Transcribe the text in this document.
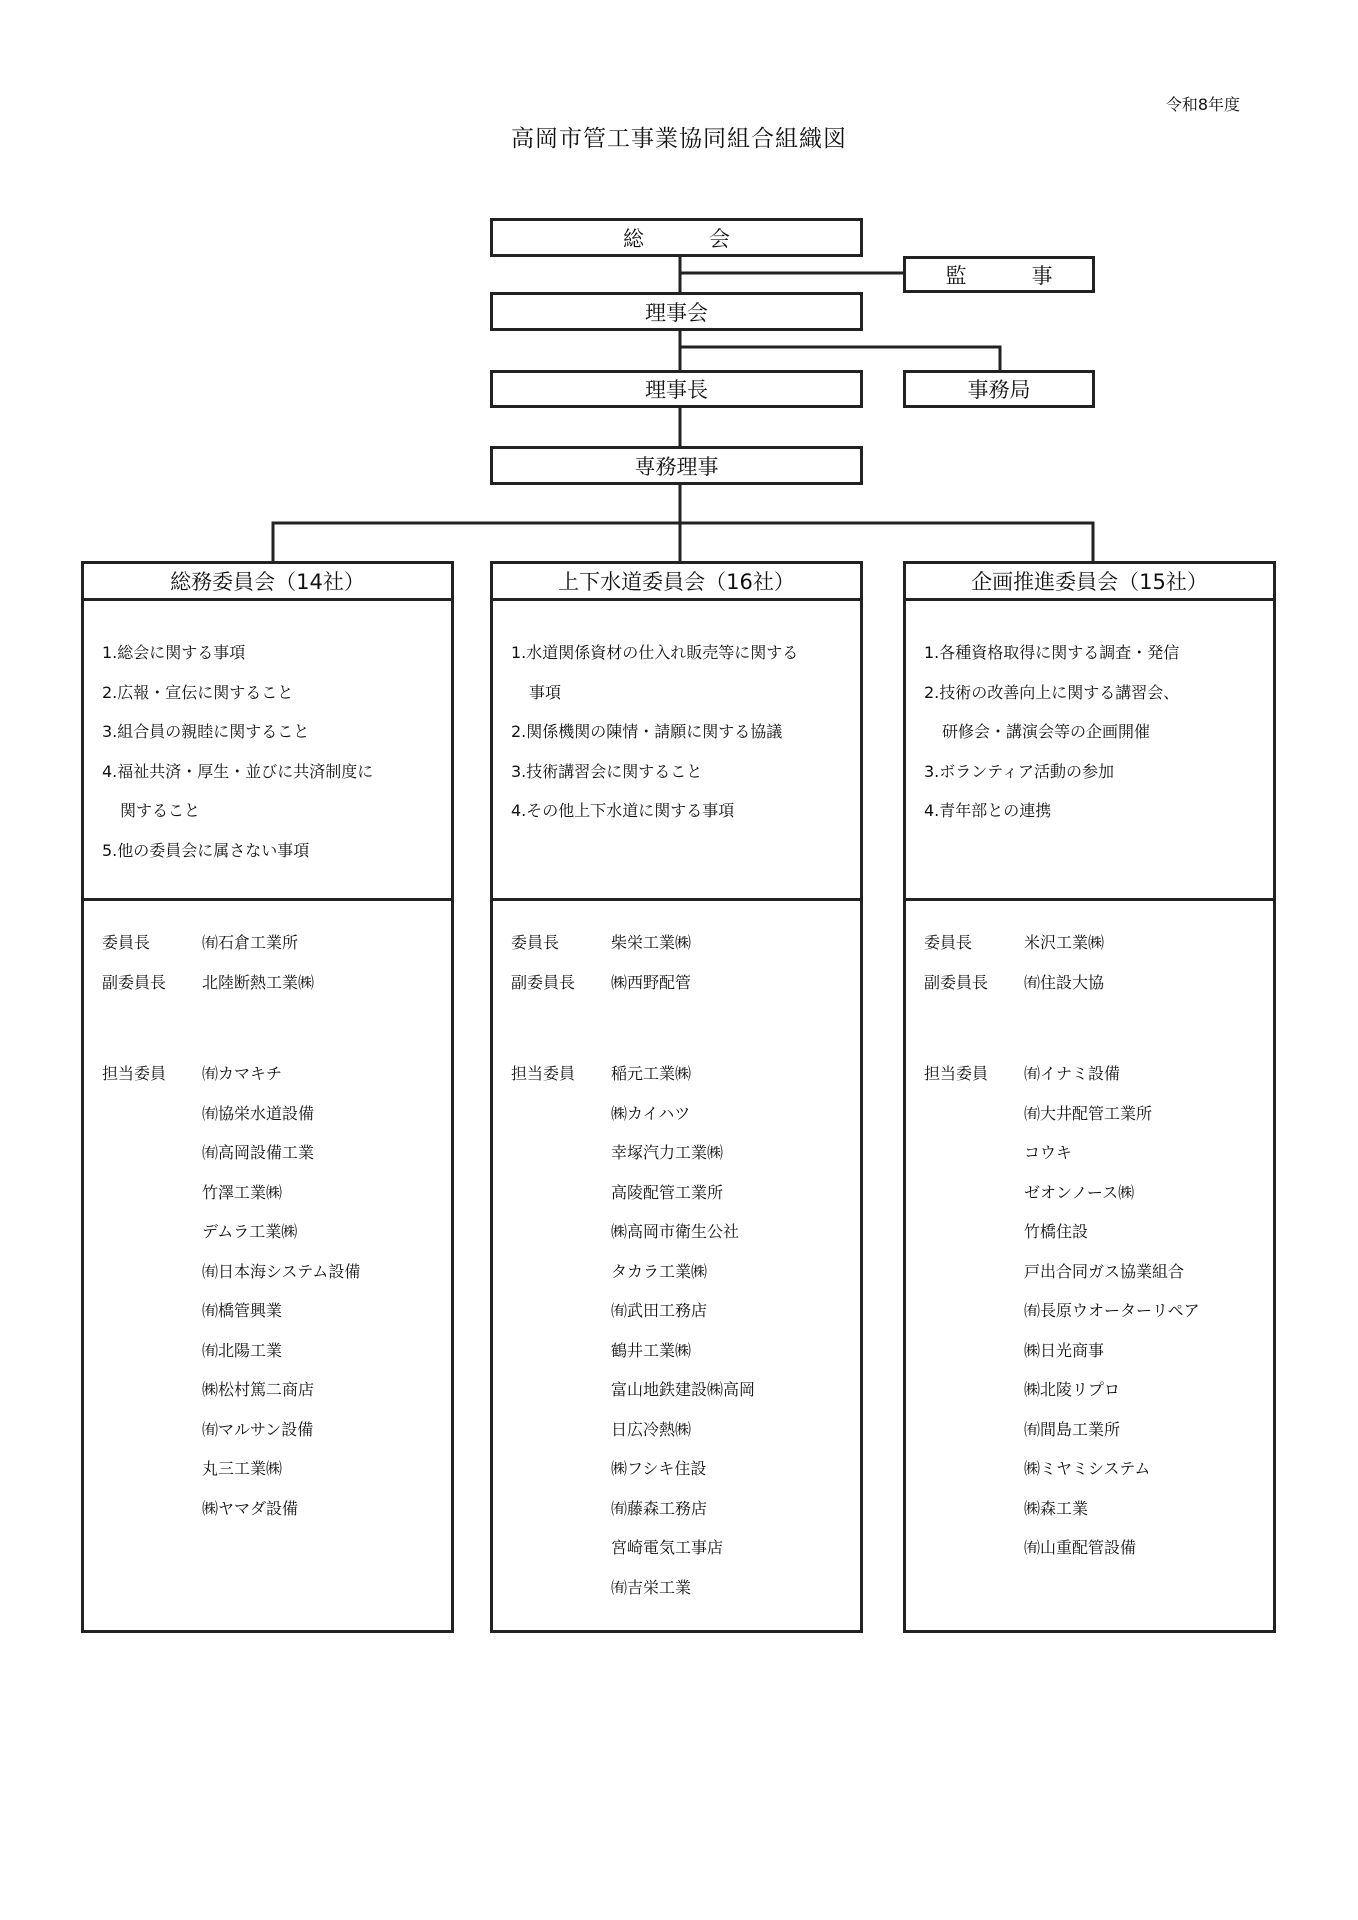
令和8年度
高岡市管工事業協同組合組織図
総　会
監　事
理事会
理事長	事務局
専務理事
総務委員会（14社）
1.総会に関する事項
2.広報・宣伝に関すること
3.組合員の親睦に関すること
4.福祉共済・厚生・並びに共済制度に
関すること
5.他の委員会に属さない事項
委員長	㈲石倉工業所
副委員長	北陸断熱工業㈱
担当委員	㈲カマキチ
㈲協栄水道設備
㈲高岡設備工業
竹澤工業㈱
デムラ工業㈱
㈲日本海システム設備
㈲橋管興業
㈲北陽工業
㈱松村篤二商店
㈲マルサン設備
丸三工業㈱
㈱ヤマダ設備
上下水道委員会（16社）
1.水道関係資材の仕入れ販売等に関する
事項
2.関係機関の陳情・請願に関する協議
3.技術講習会に関すること
4.その他上下水道に関する事項
委員長	柴栄工業㈱
副委員長	㈱西野配管
担当委員	稲元工業㈱
㈱カイハツ
幸塚汽力工業㈱
高陵配管工業所
㈱高岡市衛生公社
タカラ工業㈱
㈲武田工務店
鶴井工業㈱
富山地鉄建設㈱高岡
日広冷熱㈱
㈱フシキ住設
㈲藤森工務店
宮崎電気工事店
㈲吉栄工業
企画推進委員会（15社）
1.各種資格取得に関する調査・発信
2.技術の改善向上に関する講習会、
研修会・講演会等の企画開催
3.ボランティア活動の参加
4.青年部との連携
委員長	米沢工業㈱
副委員長	㈲住設大協
担当委員	㈲イナミ設備
㈲大井配管工業所
コウキ
ゼオンノース㈱
竹橋住設
戸出合同ガス協業組合
㈲長原ウオーターリペア
㈱日光商事
㈱北陵リプロ
㈲間島工業所
㈱ミヤミシステム
㈱森工業
㈲山重配管設備
